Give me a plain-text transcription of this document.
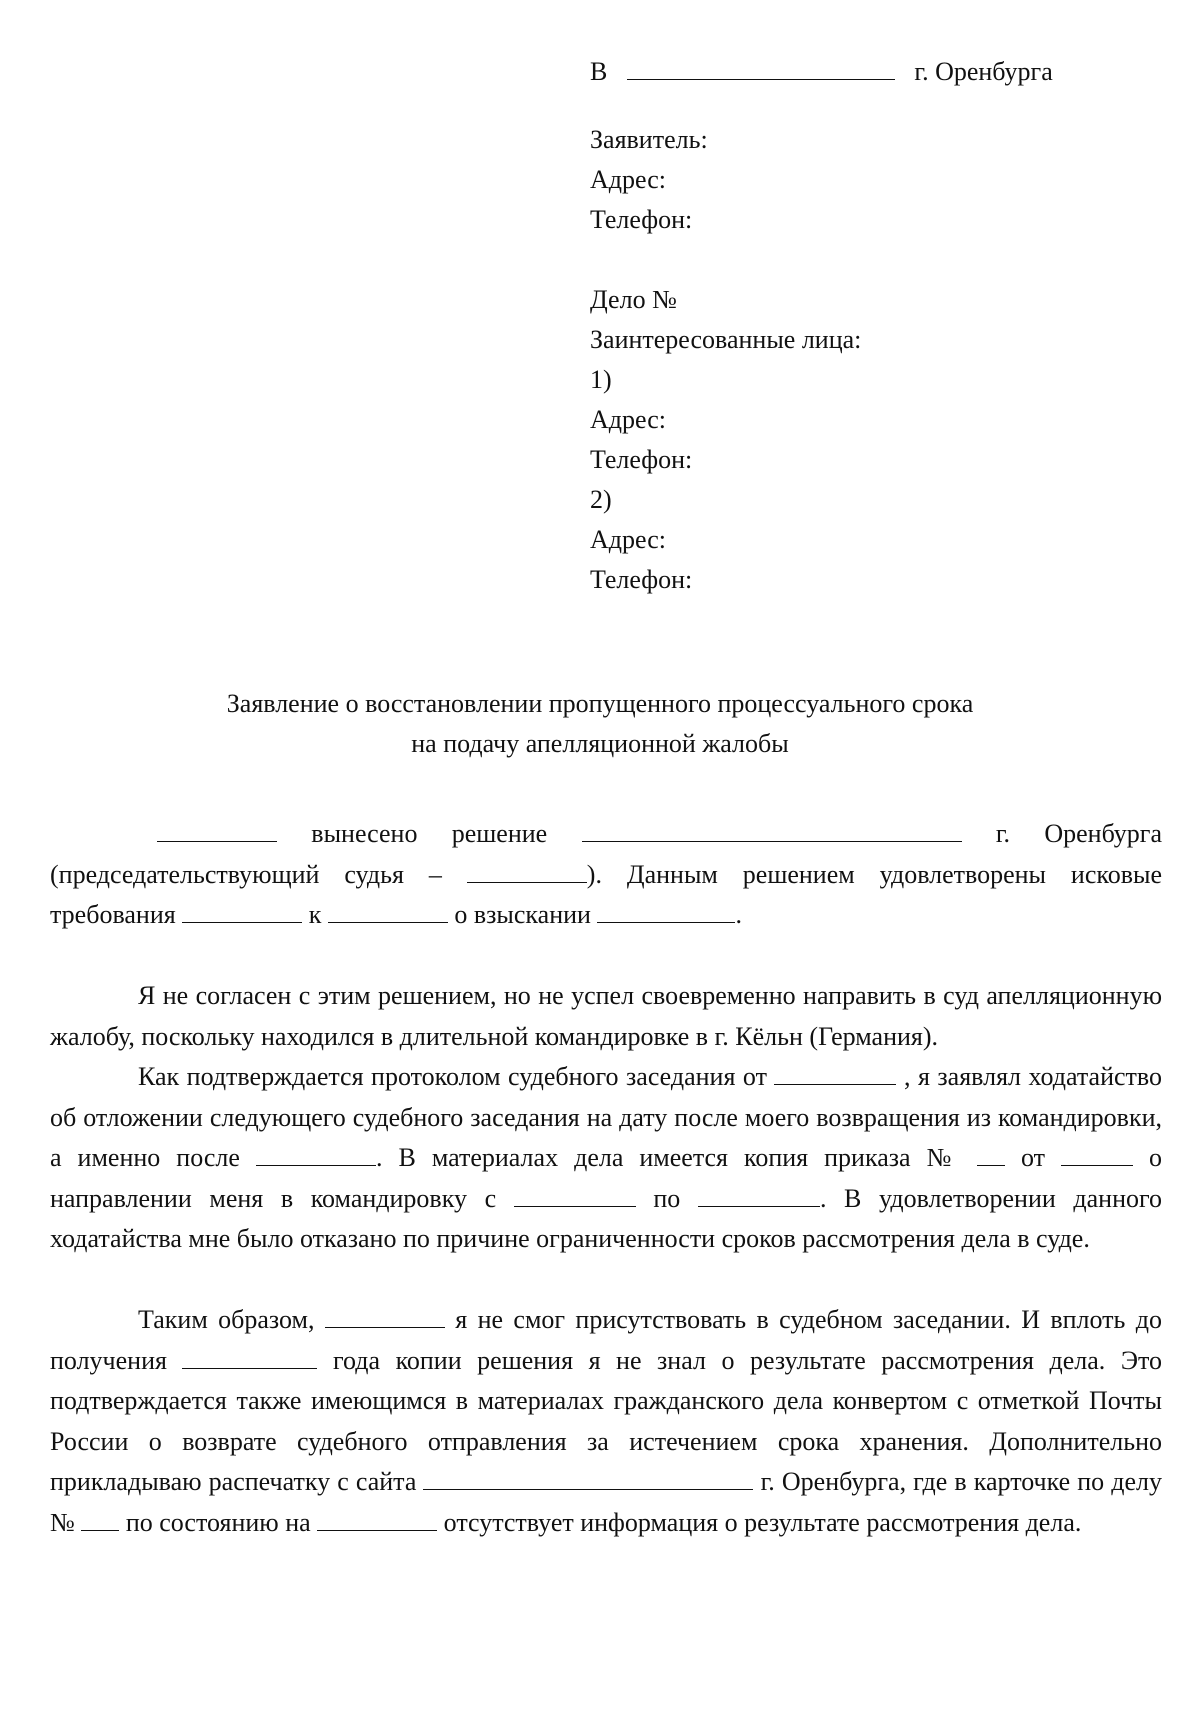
В	г. Оренбурга
Заявитель:
Адрес:
Телефон:
Дело №
Заинтересованные лица:
1)
Адрес:
Телефон:
2)
Адрес:
Телефон:
Заявление о восстановлении пропущенного процессуального срока
на подачу апелляционной жалобы

вынесено решение	г. Оренбурга (председательствующий судья –	). Данным решением удовлетворены исковые требования	к	о взыскании	.

Я не согласен с этим решением, но не успел своевременно направить в суд апелляционную жалобу, поскольку находился в длительной командировке в г. Кёльн (Германия).

Как подтверждается протоколом судебного заседания от	, я заявлял ходатайство об отложении следующего судебного заседания на дату после моего возвращения из командировки, а именно после	. В материалах дела имеется копия приказа № от	о направлении меня в командировку с	по	. В удовлетворении данного ходатайства мне было отказано по причине ограниченности сроков рассмотрения дела в суде.

Таким образом,	я не смог присутствовать в судебном заседании. И вплоть до получения	года копии решения я не знал о результате рассмотрения дела. Это подтверждается также имеющимся в материалах гражданского дела конвертом с отметкой Почты России о возврате судебного отправления за истечением срока хранения. Дополнительно прикладываю распечатку с сайта	г. Оренбурга, где в карточке по делу № по состоянию на	отсутствует информация о результате рассмотрения дела.
